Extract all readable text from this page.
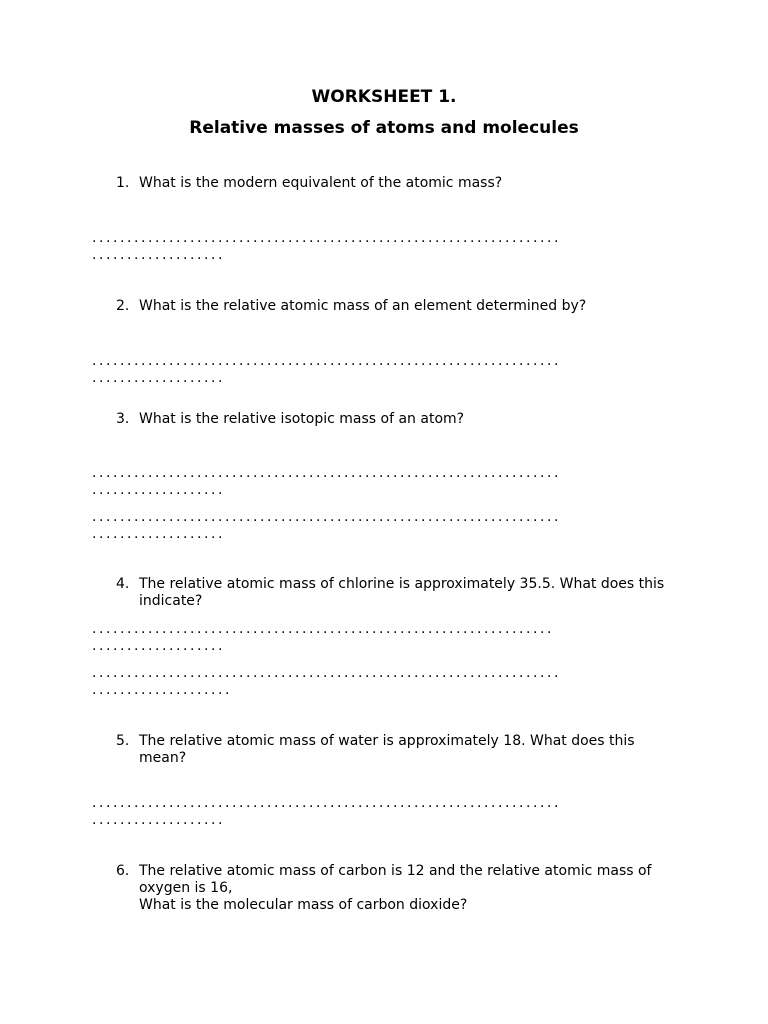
WORKSHEET 1.
Relative masses of atoms and molecules
1. What is the modern equivalent of the atomic mass?
...................................................................
...................
2. What is the relative atomic mass of an element determined by?
...................................................................
...................
3. What is the relative isotopic mass of an atom?
...................................................................
...................
...................................................................
...................
4. The relative atomic mass of chlorine is approximately 35.5. What does this
indicate?
..................................................................
...................
...................................................................
....................
5. The relative atomic mass of water is approximately 18. What does this
mean?
...................................................................
...................
6. The relative atomic mass of carbon is 12 and the relative atomic mass of
oxygen is 16,
What is the molecular mass of carbon dioxide?
